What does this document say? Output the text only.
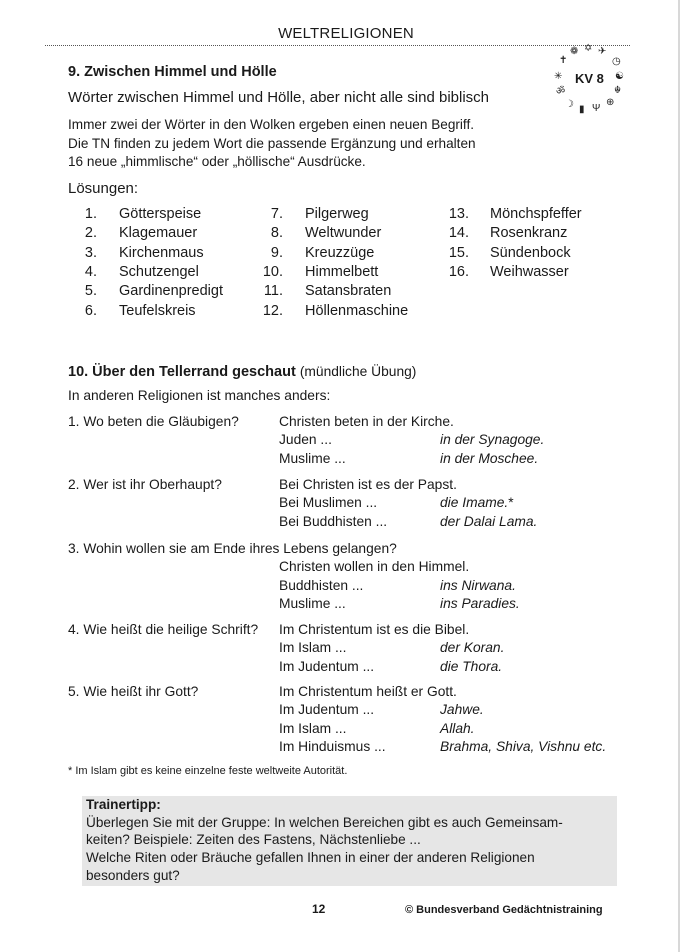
WELTRELIGIONEN
❁ ✡ ✈
◷
☯
☬
⊕
Ψ
▮
☽
ॐ
✳
✝
KV 8
9. Zwischen Himmel und Hölle
Wörter zwischen Himmel und Hölle, aber nicht alle sind biblisch
Immer zwei der Wörter in den Wolken ergeben einen neuen Begriff.
Die TN finden zu jedem Wort die passende Ergänzung und erhalten
16 neue „himmlische“ oder „höllische“ Ausdrücke.
Lösungen:
1. Götterspeise
2. Klagemauer
3. Kirchenmaus
4. Schutzengel
5. Gardinenpredigt
6. Teufelskreis
7. Pilgerweg
8. Weltwunder
9. Kreuzzüge
10. Himmelbett
11. Satansbraten
12. Höllenmaschine
13. Mönchspfeffer
14. Rosenkranz
15. Sündenbock
16. Weihwasser
10. Über den Tellerrand geschaut (mündliche Übung)
In anderen Religionen ist manches anders:
1. Wo beten die Gläubigen?	Christen beten in der Kirche.
Juden ...	in der Synagoge.
Muslime ...	in der Moschee.
2. Wer ist ihr Oberhaupt?	Bei Christen ist es der Papst.
Bei Muslimen ...	die Imame.*
Bei Buddhisten ...	der Dalai Lama.
3. Wohin wollen sie am Ende ihres Lebens gelangen?
Christen wollen in den Himmel.
Buddhisten ...	ins Nirwana.
Muslime ...	ins Paradies.
4. Wie heißt die heilige Schrift? Im Christentum ist es die Bibel.
Im Islam ...	der Koran.
Im Judentum ...	die Thora.
5. Wie heißt ihr Gott?	Im Christentum heißt er Gott.
Im Judentum ...	Jahwe.
Im Islam ...	Allah.
Im Hinduismus ...	Brahma, Shiva, Vishnu etc.
* Im Islam gibt es keine einzelne feste weltweite Autorität.
Trainertipp:
Überlegen Sie mit der Gruppe: In welchen Bereichen gibt es auch Gemeinsam-
keiten? Beispiele: Zeiten des Fastens, Nächstenliebe ...
Welche Riten oder Bräuche gefallen Ihnen in einer der anderen Religionen
besonders gut?
12	© Bundesverband Gedächtnistraining
